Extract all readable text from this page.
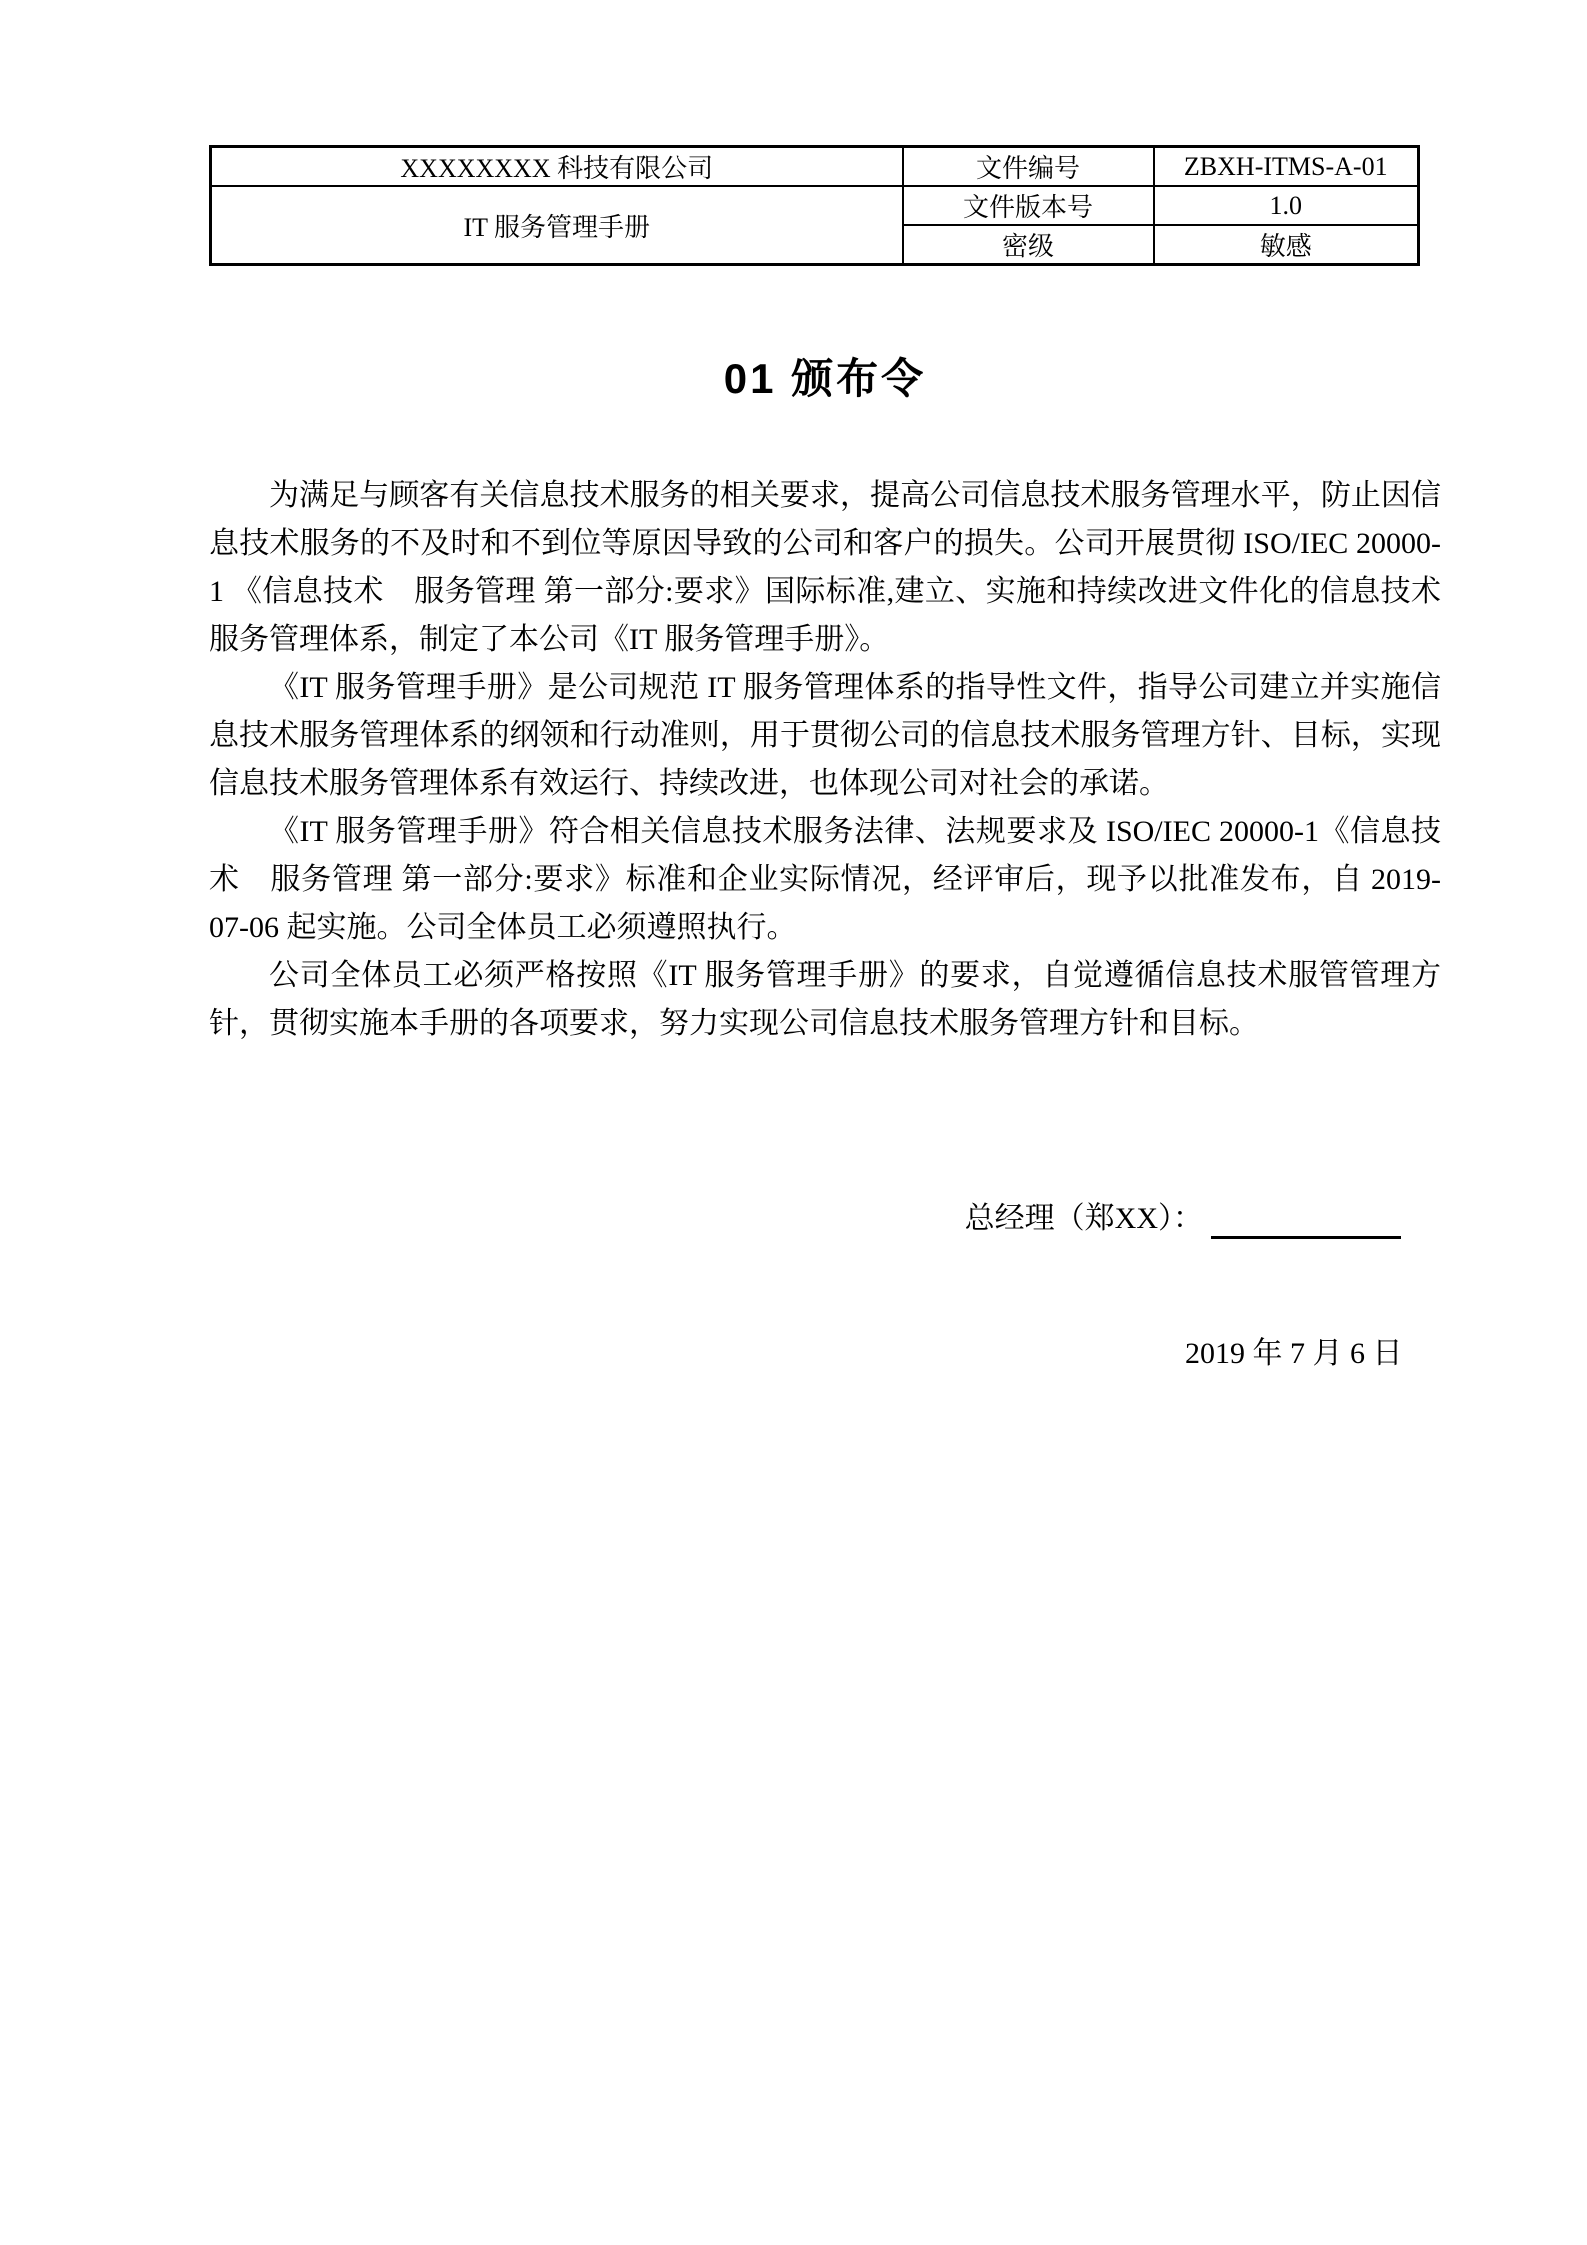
XXXXXXXX 科技有限公司	文件编号	ZBXH-ITMS-A-01
IT 服务管理手册	文件版本号	1.0
	密级	敏感
01 颁布令

为满足与顾客有关信息技术服务的相关要求，提高公司信息技术服务管理水平，防止因信息技术服务的不及时和不到位等原因导致的公司和客户的损失。公司开展贯彻 ISO/IEC 20000-1 《信息技术　服务管理 第一部分:要求》国际标准,建立、实施和持续改进文件化的信息技术服务管理体系，制定了本公司《IT 服务管理手册》。

《IT 服务管理手册》是公司规范 IT 服务管理体系的指导性文件，指导公司建立并实施信息技术服务管理体系的纲领和行动准则，用于贯彻公司的信息技术服务管理方针、目标，实现信息技术服务管理体系有效运行、持续改进，也体现公司对社会的承诺。

《IT 服务管理手册》符合相关信息技术服务法律、法规要求及 ISO/IEC 20000-1《信息技术　服务管理 第一部分:要求》标准和企业实际情况，经评审后，现予以批准发布，自 2019-07-06 起实施。公司全体员工必须遵照执行。

公司全体员工必须严格按照《IT 服务管理手册》的要求，自觉遵循信息技术服管管理方针，贯彻实施本手册的各项要求，努力实现公司信息技术服务管理方针和目标。

总经理（郑XX）：
2019 年 7 月 6 日
